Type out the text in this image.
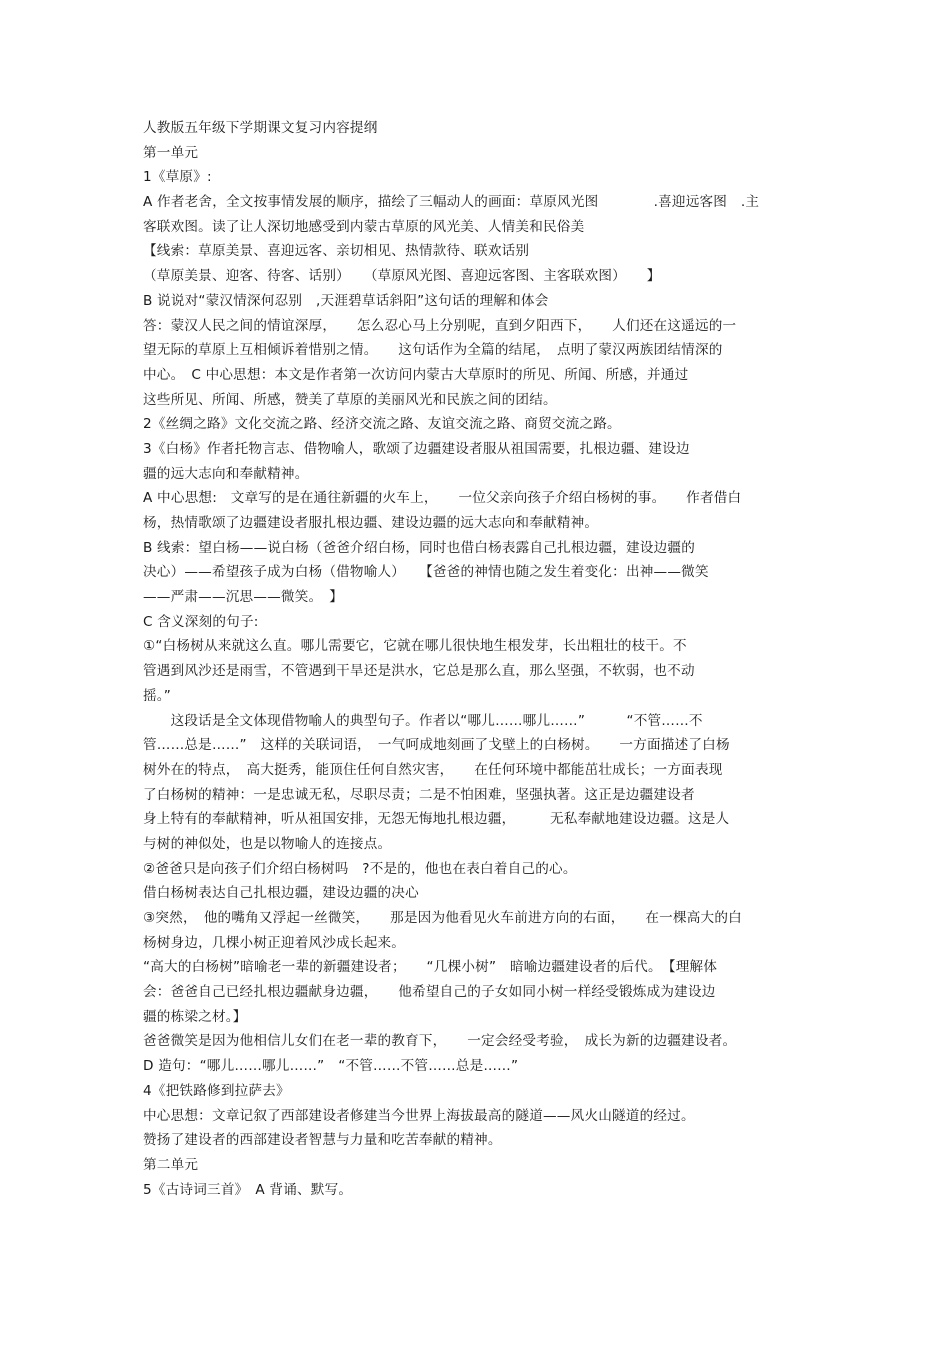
人教版五年级下学期课文复习内容提纲
第一单元
1《草原》:
A 作者老舍，全文按事情发展的顺序，描绘了三幅动人的画面：草原风光图　　　　.喜迎远客图　.主
客联欢图。读了让人深切地感受到内蒙古草原的风光美、人情美和民俗美
【线索：草原美景、喜迎远客、亲切相见、热情款待、联欢话别
（草原美景、迎客、待客、话别）　　（草原风光图、喜迎远客图、主客联欢图）　　】
B 说说对“蒙汉情深何忍别　,天涯碧草话斜阳”这句话的理解和体会
答：蒙汉人民之间的情谊深厚，　　怎么忍心马上分别呢，直到夕阳西下，　　人们还在这遥远的一
望无际的草原上互相倾诉着惜别之情。　　这句话作为全篇的结尾，　点明了蒙汉两族团结情深的
中心。　C 中心思想：本文是作者第一次访问内蒙古大草原时的所见、所闻、所感，并通过
这些所见、所闻、所感，赞美了草原的美丽风光和民族之间的团结。
2《丝绸之路》文化交流之路、经济交流之路、友谊交流之路、商贸交流之路。
3《白杨》作者托物言志、借物喻人，歌颂了边疆建设者服从祖国需要，扎根边疆、建设边
疆的远大志向和奉献精神。
A 中心思想:　文章写的是在通往新疆的火车上，　　一位父亲向孩子介绍白杨树的事。　　作者借白
杨，热情歌颂了边疆建设者服扎根边疆、建设边疆的远大志向和奉献精神。
B 线索：望白杨——说白杨（爸爸介绍白杨，同时也借白杨表露自己扎根边疆，建设边疆的
决心）——希望孩子成为白杨（借物喻人）　　【爸爸的神情也随之发生着变化：出神——微笑
——严肃——沉思——微笑。　】
C 含义深刻的句子:
①“白杨树从来就这么直。哪儿需要它，它就在哪儿很快地生根发芽，长出粗壮的枝干。不
管遇到风沙还是雨雪，不管遇到干旱还是洪水，它总是那么直，那么坚强，不软弱，也不动
摇。”
　　这段话是全文体现借物喻人的典型句子。作者以“哪儿……哪儿……”　　　“不管……不
管……总是……”　这样的关联词语，　一气呵成地刻画了戈壁上的白杨树。　　一方面描述了白杨
树外在的特点，　高大挺秀，能顶住任何自然灾害，　　在任何环境中都能茁壮成长；一方面表现
了白杨树的精神：一是忠诚无私，尽职尽责；二是不怕困难，坚强执著。这正是边疆建设者
身上特有的奉献精神，听从祖国安排，无怨无悔地扎根边疆，　　　无私奉献地建设边疆。这是人
与树的神似处，也是以物喻人的连接点。
②爸爸只是向孩子们介绍白杨树吗　?不是的，他也在表白着自己的心。
借白杨树表达自己扎根边疆，建设边疆的决心
③突然，　他的嘴角又浮起一丝微笑，　　那是因为他看见火车前进方向的右面，　　在一棵高大的白
杨树身边，几棵小树正迎着风沙成长起来。
“高大的白杨树”暗喻老一辈的新疆建设者；　　“几棵小树”　暗喻边疆建设者的后代。　【理解体
会：爸爸自己已经扎根边疆献身边疆，　　他希望自己的子女如同小树一样经受锻炼成为建设边
疆的栋梁之材。】
爸爸微笑是因为他相信儿女们在老一辈的教育下，　　一定会经受考验，　成长为新的边疆建设者。
D 造句：“哪儿……哪儿……”　“不管……不管……总是……”
4《把铁路修到拉萨去》
中心思想：文章记叙了西部建设者修建当今世界上海拔最高的隧道——风火山隧道的经过。
赞扬了建设者的西部建设者智慧与力量和吃苦奉献的精神。
第二单元
5《古诗词三首》　A 背诵、默写。
